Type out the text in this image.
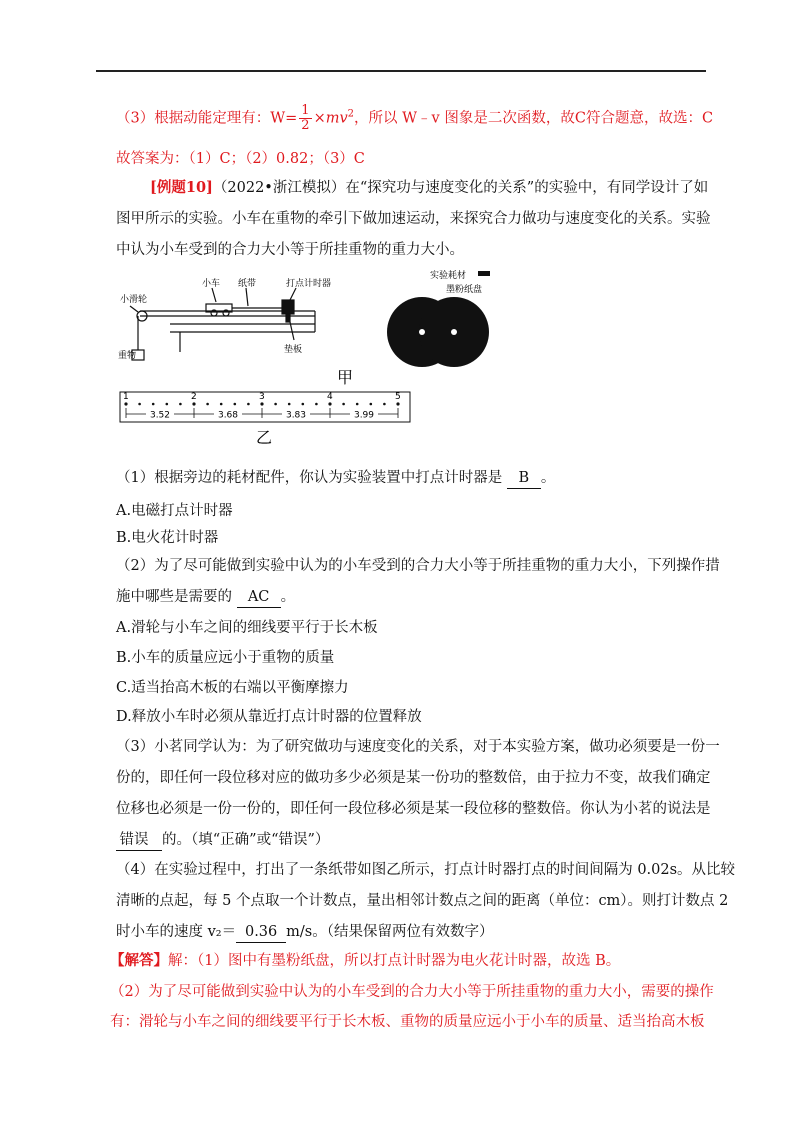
（3）根据动能定理有：$W= \frac{1}{2} \times mv^2$，所以 W﹣v 图象是二次函数，故C符合题意，故选：C
故答案为：（1）C；（2）0.82；（3）C
[例题10]（2022•浙江模拟）在“探究功与速度变化的关系”的实验中，有同学设计了如
图甲所示的实验。小车在重物的牵引下做加速运动，来探究合力做功与速度变化的关系。实验
中认为小车受到的合力大小等于所挂重物的重力大小。
小滑轮
小车 纸带	打点计时器
重物
垫板
实验耗材
墨粉纸盘
甲
1	2	3	4	5
3.52	3.68	3.83	3.99
乙
（1）根据旁边的耗材配件，你认为实验装置中打点计时器是 B 。
A.电磁打点计时器
B.电火花计时器
（2）为了尽可能做到实验中认为的小车受到的合力大小等于所挂重物的重力大小，下列操作措
施中哪些是需要的 AC 。
A.滑轮与小车之间的细线要平行于长木板
B.小车的质量应远小于重物的质量
C.适当抬高木板的右端以平衡摩擦力
D.释放小车时必须从靠近打点计时器的位置释放
（3）小茗同学认为：为了研究做功与速度变化的关系，对于本实验方案，做功必须要是一份一
份的，即任何一段位移对应的做功多少必须是某一份功的整数倍，由于拉力不变，故我们确定
位移也必须是一份一份的，即任何一段位移必须是某一段位移的整数倍。你认为小茗的说法是
错误 的。（填“正确”或“错误”）
（4）在实验过程中，打出了一条纸带如图乙所示，打点计时器打点的时间间隔为 0.02s。从比较
清晰的点起，每 5 个点取一个计数点，量出相邻计数点之间的距离（单位：cm）。则打计数点 2
时小车的速度 v₂＝ 0.36 m/s。（结果保留两位有效数字）
【解答】解：（1）图中有墨粉纸盘，所以打点计时器为电火花计时器，故选 B。
（2）为了尽可能做到实验中认为的小车受到的合力大小等于所挂重物的重力大小，需要的操作
有：滑轮与小车之间的细线要平行于长木板、重物的质量应远小于小车的质量、适当抬高木板
